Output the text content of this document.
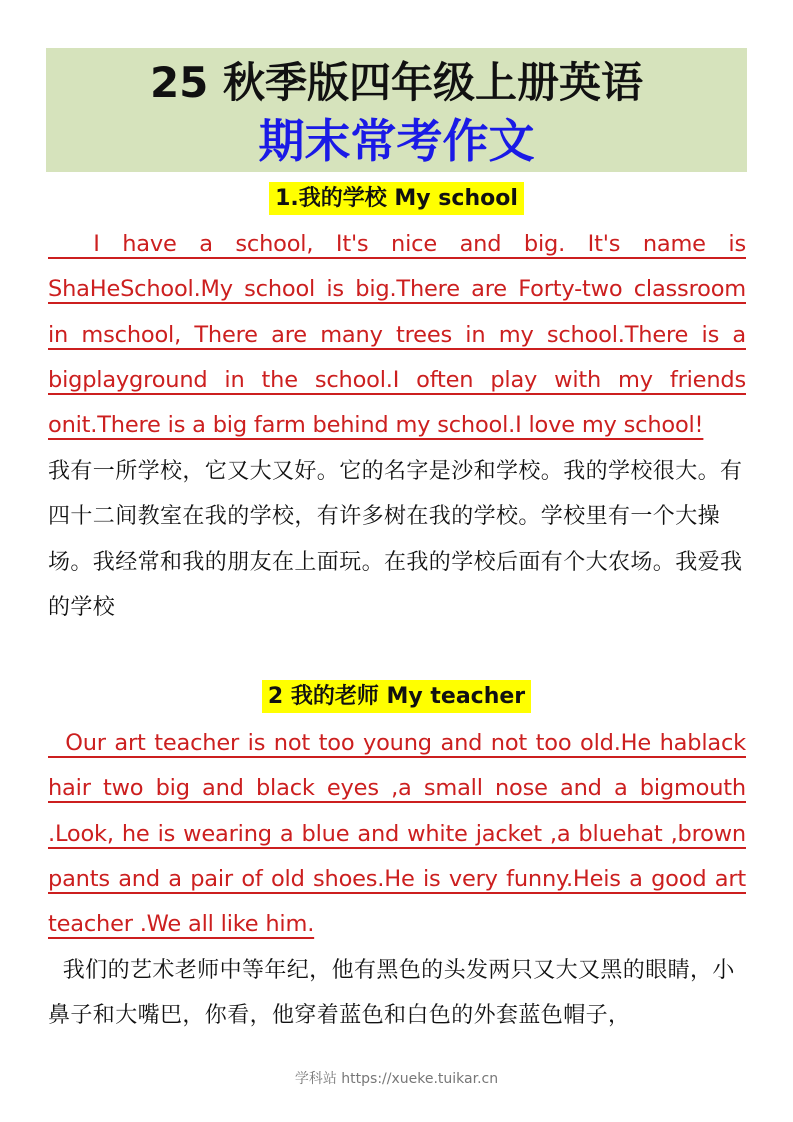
25 秋季版四年级上册英语
期末常考作文
1.我的学校 My school
I have a school, It's nice and big. It's name is ShaHeSchool.My school is big.There are Forty-two classroom in mschool, There are many trees in my school.There is a bigplayground in the school.I often play with my friends onit.There is a big farm behind my school.I love my school!
我有一所学校，它又大又好。它的名字是沙和学校。我的学校很大。有四十二间教室在我的学校，有许多树在我的学校。学校里有一个大操场。我经常和我的朋友在上面玩。在我的学校后面有个大农场。我爱我的学校
2 我的老师 My teacher
Our art teacher is not too young and not too old.He hablack hair two big and black eyes ,a small nose and a bigmouth .Look, he is wearing a blue and white jacket ,a bluehat ,brown pants and a pair of old shoes.He is very funny.Heis a good art teacher .We all like him.
我们的艺术老师中等年纪，他有黑色的头发两只又大又黑的眼睛，小鼻子和大嘴巴，你看，他穿着蓝色和白色的外套蓝色帽子，
学科站 https://xueke.tuikar.cn
